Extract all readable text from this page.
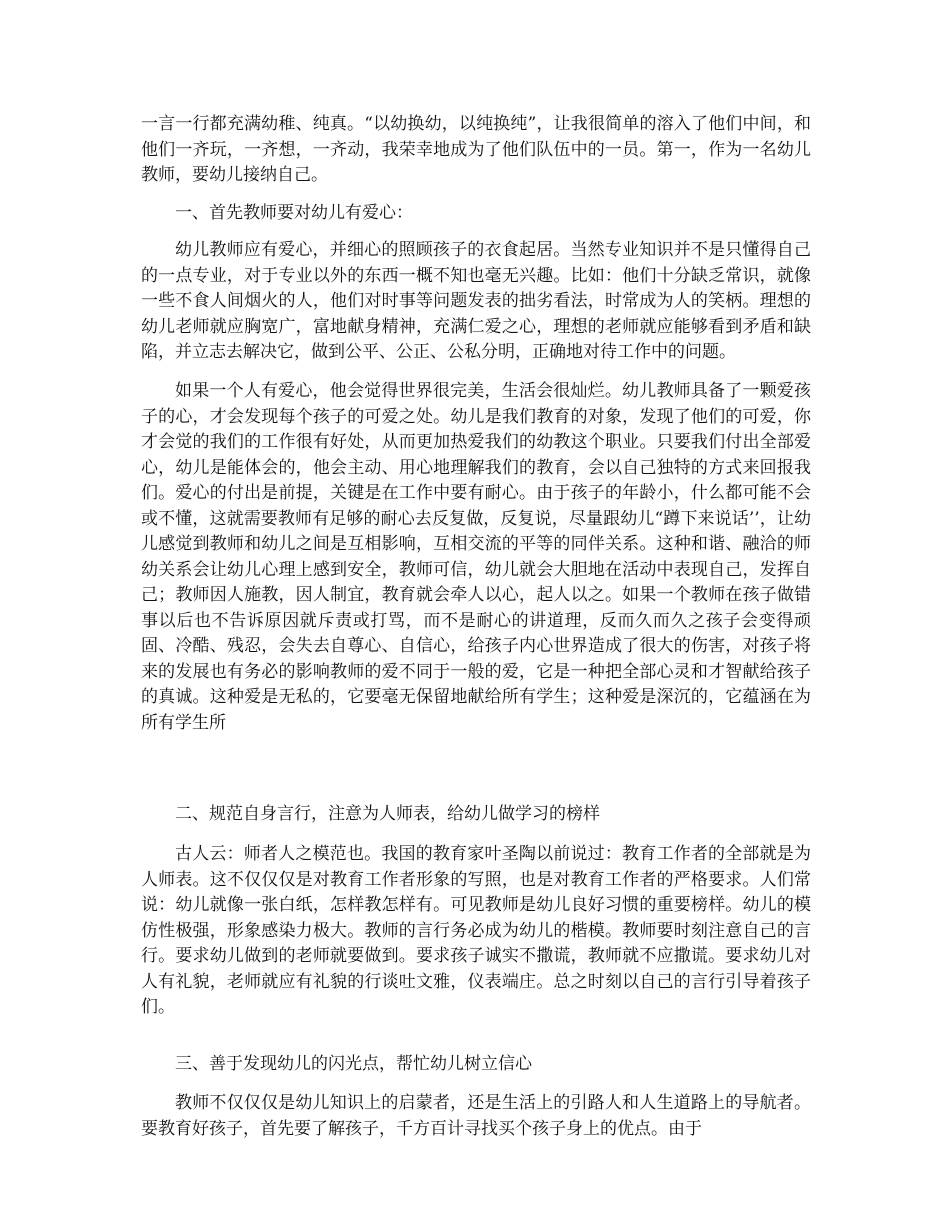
一言一行都充满幼稚、纯真。“以幼换幼，以纯换纯”，让我很简单的溶入了他们中间，和他们一齐玩，一齐想，一齐动，我荣幸地成为了他们队伍中的一员。第一，作为一名幼儿教师，要幼儿接纳自己。
一、首先教师要对幼儿有爱心：
幼儿教师应有爱心，并细心的照顾孩子的衣食起居。当然专业知识并不是只懂得自己的一点专业，对于专业以外的东西一概不知也毫无兴趣。比如：他们十分缺乏常识，就像一些不食人间烟火的人，他们对时事等问题发表的拙劣看法，时常成为人的笑柄。理想的幼儿老师就应胸宽广，富地献身精神，充满仁爱之心，理想的老师就应能够看到矛盾和缺陷，并立志去解决它，做到公平、公正、公私分明，正确地对待工作中的问题。
如果一个人有爱心，他会觉得世界很完美，生活会很灿烂。幼儿教师具备了一颗爱孩子的心，才会发现每个孩子的可爱之处。幼儿是我们教育的对象，发现了他们的可爱，你才会觉的我们的工作很有好处，从而更加热爱我们的幼教这个职业。只要我们付出全部爱心，幼儿是能体会的，他会主动、用心地理解我们的教育，会以自己独特的方式来回报我们。爱心的付出是前提，关键是在工作中要有耐心。由于孩子的年龄小，什么都可能不会或不懂，这就需要教师有足够的耐心去反复做，反复说，尽量跟幼儿“蹲下来说话’’，让幼儿感觉到教师和幼儿之间是互相影响，互相交流的平等的同伴关系。这种和谐、融洽的师幼关系会让幼儿心理上感到安全，教师可信，幼儿就会大胆地在活动中表现自己，发挥自己；教师因人施教，因人制宜，教育就会牵人以心，起人以之。如果一个教师在孩子做错事以后也不告诉原因就斥责或打骂，而不是耐心的讲道理，反而久而久之孩子会变得顽固、冷酷、残忍，会失去自尊心、自信心，给孩子内心世界造成了很大的伤害，对孩子将来的发展也有务必的影响教师的爱不同于一般的爱，它是一种把全部心灵和才智献给孩子的真诚。这种爱是无私的，它要毫无保留地献给所有学生；这种爱是深沉的，它蕴涵在为所有学生所
二、规范自身言行，注意为人师表，给幼儿做学习的榜样
古人云：师者人之模范也。我国的教育家叶圣陶以前说过：教育工作者的全部就是为人师表。这不仅仅仅是对教育工作者形象的写照，也是对教育工作者的严格要求。人们常说：幼儿就像一张白纸，怎样教怎样有。可见教师是幼儿良好习惯的重要榜样。幼儿的模仿性极强，形象感染力极大。教师的言行务必成为幼儿的楷模。教师要时刻注意自己的言行。要求幼儿做到的老师就要做到。要求孩子诚实不撒谎，教师就不应撒谎。要求幼儿对人有礼貌，老师就应有礼貌的行谈吐文雅，仪表端庄。总之时刻以自己的言行引导着孩子们。
三、善于发现幼儿的闪光点，帮忙幼儿树立信心
教师不仅仅仅是幼儿知识上的启蒙者，还是生活上的引路人和人生道路上的导航者。要教育好孩子，首先要了解孩子，千方百计寻找买个孩子身上的优点。由于
